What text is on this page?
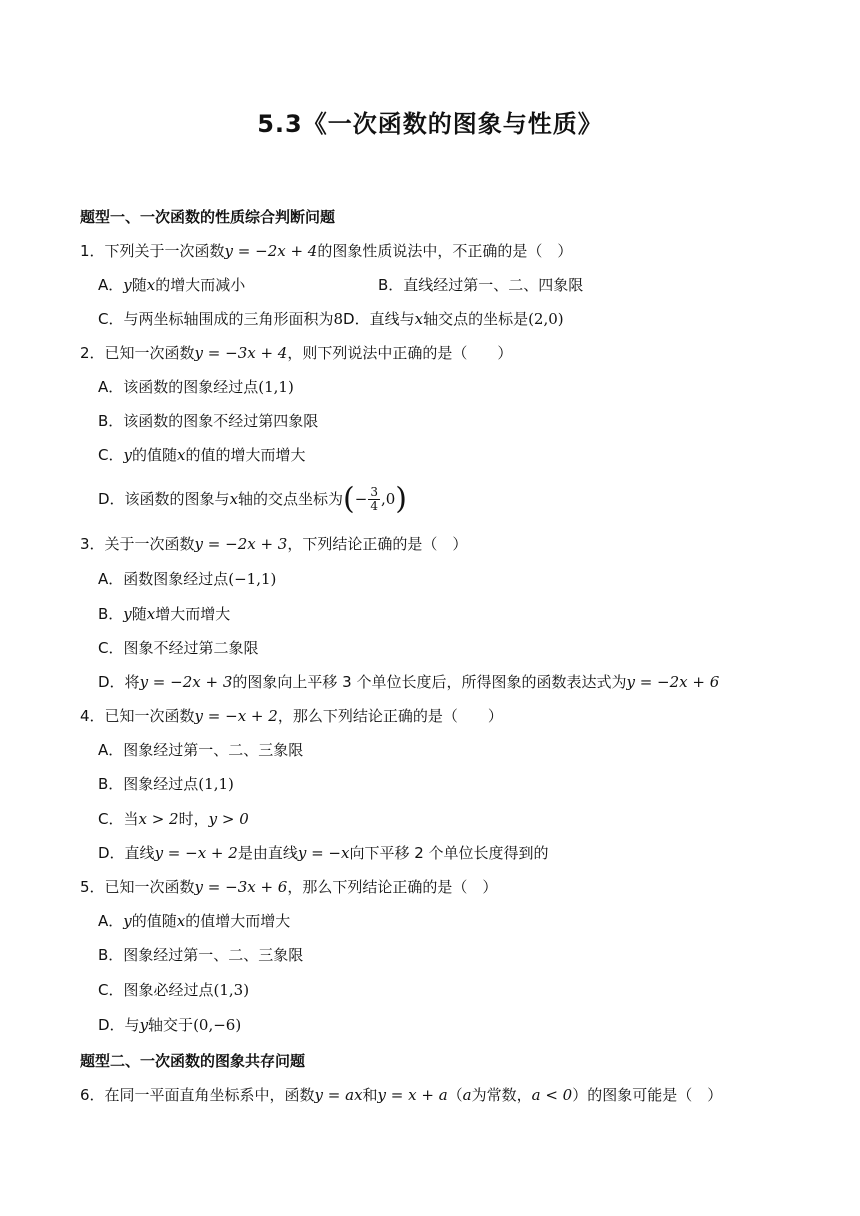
5.3《一次函数的图象与性质》
题型一、一次函数的性质综合判断问题
1．下列关于一次函数y = −2x + 4的图象性质说法中，不正确的是（　）
A．y随x的增大而减小	B．直线经过第一、二、四象限
C．与两坐标轴围成的三角形面积为8D．直线与x轴交点的坐标是(2,0)
2．已知一次函数y = −3x + 4，则下列说法中正确的是（　　）
A．该函数的图象经过点(1,1)
B．该函数的图象不经过第四象限
C．y的值随x的值的增大而增大
D．该函数的图象与x轴的交点坐标为(− $\frac{3}{4} ,0$)
3．关于一次函数y = −2x + 3，下列结论正确的是（　）
A．函数图象经过点(−1,1)
B．y随x增大而增大
C．图象不经过第二象限
D．将y = −2x + 3的图象向上平移 3 个单位长度后，所得图象的函数表达式为y = −2x + 6
4．已知一次函数y = −x + 2，那么下列结论正确的是（　　）
A．图象经过第一、二、三象限
B．图象经过点(1,1)
C．当x > 2时，y > 0
D．直线y = −x + 2是由直线y = −x向下平移 2 个单位长度得到的
5．已知一次函数y = −3x + 6，那么下列结论正确的是（　）
A．y的值随x的值增大而增大
B．图象经过第一、二、三象限
C．图象必经过点(1,3)
D．与y轴交于(0,−6)
题型二、一次函数的图象共存问题
6．在同一平面直角坐标系中，函数y = ax和y = x + a（a为常数，a < 0）的图象可能是（　）
